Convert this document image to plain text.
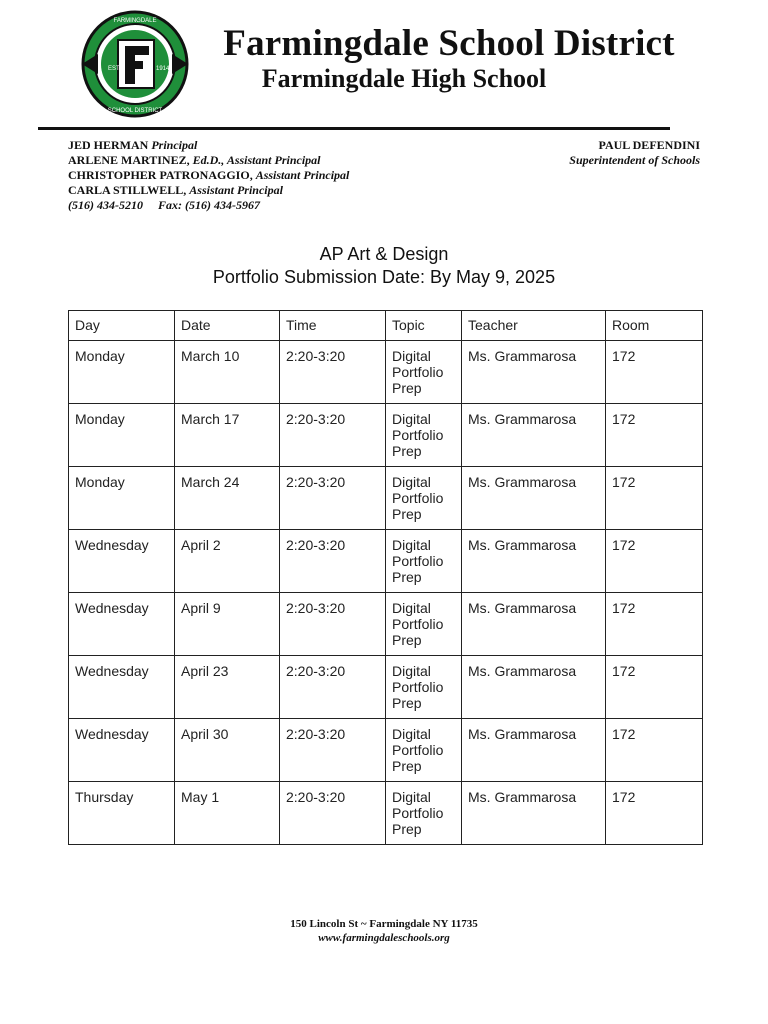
EST.	1914
FARMINGDALE
SCHOOL DISTRICT
Farmingdale School District
Farmingdale High School
JED HERMAN Principal
ARLENE MARTINEZ, Ed.D., Assistant Principal
CHRISTOPHER PATRONAGGIO, Assistant Principal
CARLA STILLWELL, Assistant Principal
(516) 434-5210 Fax: (516) 434-5967
PAUL DEFENDINI
Superintendent of Schools
AP Art & Design
Portfolio Submission Date: By May 9, 2025
Day	Date	Time	Topic	Teacher	Room
Monday	March 10	2:20-3:20	Digital Portfolio Prep	Ms. Grammarosa	172
Monday	March 17	2:20-3:20	Digital Portfolio Prep	Ms. Grammarosa	172
Monday	March 24	2:20-3:20	Digital Portfolio Prep	Ms. Grammarosa	172
Wednesday	April 2	2:20-3:20	Digital Portfolio Prep	Ms. Grammarosa	172
Wednesday	April 9	2:20-3:20	Digital Portfolio Prep	Ms. Grammarosa	172
Wednesday	April 23	2:20-3:20	Digital Portfolio Prep	Ms. Grammarosa	172
Wednesday	April 30	2:20-3:20	Digital Portfolio Prep	Ms. Grammarosa	172
Thursday	May 1	2:20-3:20	Digital Portfolio Prep	Ms. Grammarosa	172
150 Lincoln St ~ Farmingdale NY 11735
www.farmingdaleschools.org
